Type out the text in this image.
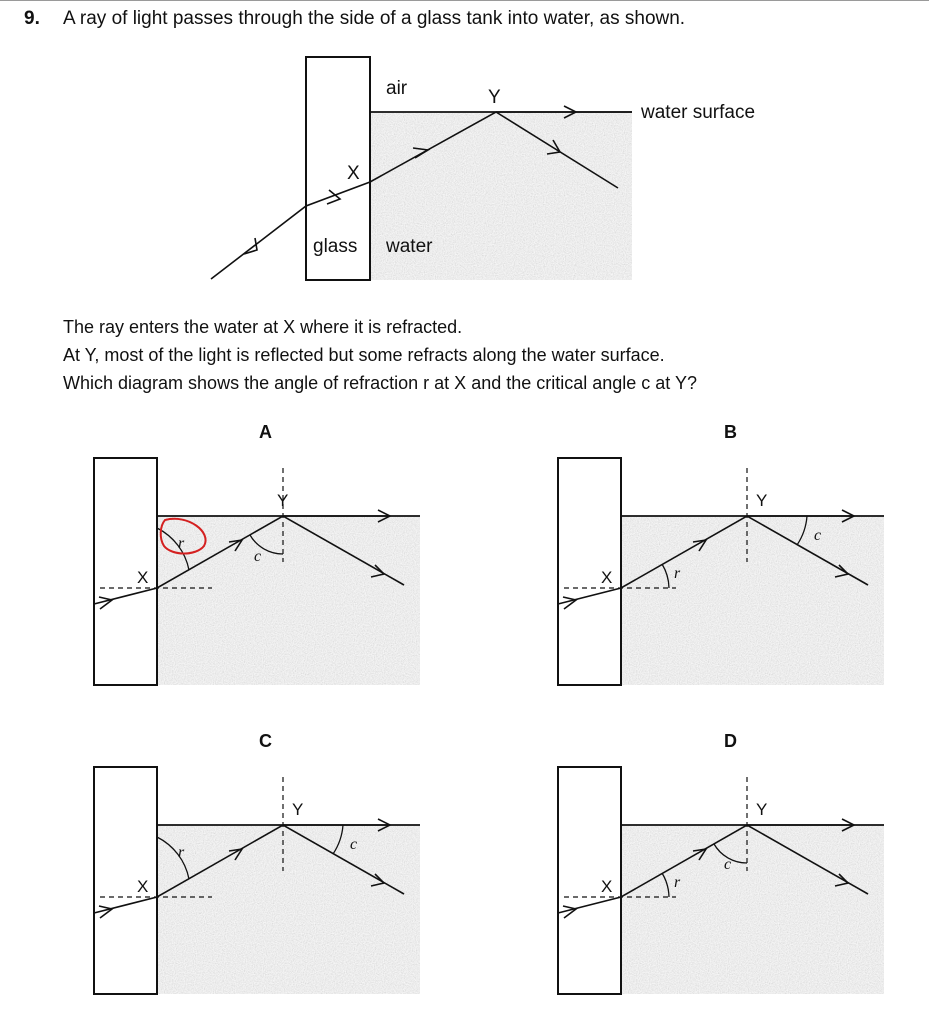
9. A ray of light passes through the side of a glass tank into water, as shown.
The ray enters the water at X where it is refracted.
At Y, most of the light is reflected but some refracts along the water surface.
Which diagram shows the angle of refraction r at X and the critical angle c at Y?
A	B
C	D
air	Y
water surface
X
glass water
Y
X
r
c
Y
X	r
c
Y
X
r	c
Y
X	r
c
